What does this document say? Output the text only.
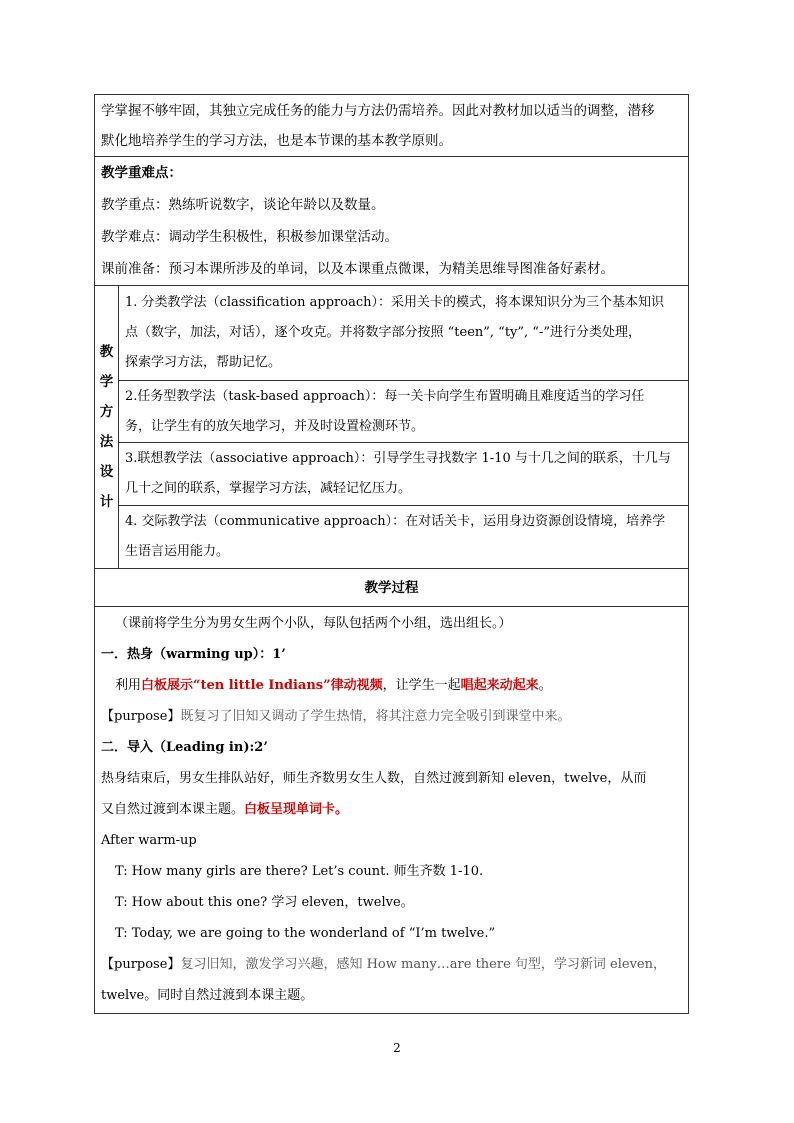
学掌握不够牢固，其独立完成任务的能力与方法仍需培养。因此对教材加以适当的调整，潜移
默化地培养学生的学习方法，也是本节课的基本教学原则。

教学重难点：
教学重点：熟练听说数字，谈论年龄以及数量。
教学难点：调动学生积极性，积极参加课堂活动。
课前准备：预习本课所涉及的单词，以及本课重点微课，为精美思维导图准备好素材。

教
学
方
法
设
计

1. 分类教学法（classification approach）：采用关卡的模式，将本课知识分为三个基本知识
点（数字，加法，对话），逐个攻克。并将数字部分按照 “teen”, “ty”, “-”进行分类处理，
探索学习方法，帮助记忆。

2.任务型教学法（task-based approach）：每一关卡向学生布置明确且难度适当的学习任
务，让学生有的放矢地学习，并及时设置检测环节。

3.联想教学法（associative approach）：引导学生寻找数字 1-10 与十几之间的联系，十几与
几十之间的联系，掌握学习方法，减轻记忆压力。

4. 交际教学法（communicative approach）：在对话关卡，运用身边资源创设情境，培养学
生语言运用能力。

教学过程

（课前将学生分为男女生两个小队，每队包括两个小组，选出组长。）
一．热身（warming up）：1’
利用白板展示“ten little Indians”律动视频，让学生一起唱起来动起来。
【purpose】既复习了旧知又调动了学生热情，将其注意力完全吸引到课堂中来。
二．导入（Leading in):2’
热身结束后，男女生排队站好，师生齐数男女生人数，自然过渡到新知 eleven，twelve，从而
又自然过渡到本课主题。白板呈现单词卡。
After warm-up
T: How many girls are there? Let’s count. 师生齐数 1-10.
T: How about this one? 学习 eleven，twelve。
T: Today, we are going to the wonderland of “I’m twelve.”
【purpose】复习旧知，激发学习兴趣，感知 How many…are there 句型，学习新词 eleven，
twelve。同时自然过渡到本课主题。
2
